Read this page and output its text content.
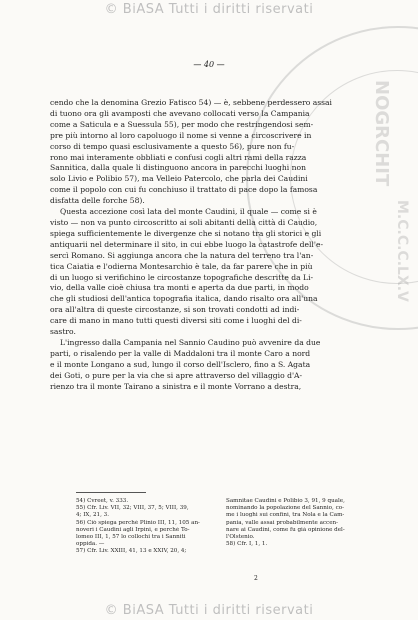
© BiASA Tutti i diritti riservati
NOGRCHIT
M.C.C.C.LX.V
— 40 —
cendo che la denomina Grezio Fatisco 54) — è, sebbene perdessero assai
di tuono ora gli avamposti che avevano collocati verso la Campania
come a Saticula e a Suessula 55), per modo che restringendosi sem-
pre più intorno al loro capoluogo il nome si venne a circoscrivere in
corso di tempo quasi esclusivamente a questo 56), pure non fu-
rono mai interamente obbliati e confusi cogli altri rami della razza
Sannitica, dalla quale li distinguono ancora in parecchi luoghi non
solo Livio e Polibio 57), ma Velleio Patercolo, che parla dei Caudini
come il popolo con cui fu conchiuso il trattato di pace dopo la famosa
disfatta delle forche 58).
Questa accezione così lata del monte Caudini, il quale — come si è
visto — non va punto circoscritto ai soli abitanti della città di Caudio,
spiega sufficientemente le divergenze che si notano tra gli storici e gli
antiquarii nel determinare il sito, in cui ebbe luogo la catastrofe dell'e-
sercì Romano. Si aggiunga ancora che la natura del terreno tra l'an-
tica Caiatia e l'odierna Montesarchio è tale, da far parere che in più
di un luogo si verifichino le circostanze topografiche descritte da Li-
vio, della valle cioè chiusa tra monti e aperta da due parti, in modo
che gli studiosi dell'antica topografia italica, dando risalto ora all'una
ora all'altra di queste circostanze, si son trovati condotti ad indi-
care di mano in mano tutti questi diversi siti come i luoghi del di-
sastro.
L'ingresso dalla Campania nel Sannio Caudino può avvenire da due
parti, o risalendo per la valle di Maddaloni tra il monte Caro a nord
e il monte Longano a sud, lungo il corso dell'Isclero, fino a S. Agata
dei Goti, o pure per la via che si apre attraverso del villaggio d'A-
rienzo tra il monte Tairano a sinistra e il monte Vorrano a destra,
54) Cvreet, v. 333.
55) Cfr. Liv. VII, 32; VIII, 37, 5; VIII, 39,
4; IX, 21, 3.
56) Ciò spiega perchè Plinio III, 11, 105 an-
noveri i Caudini agli Irpini, e perchè To-
lomeo III, 1, 57 lo collochi tra i Sanniti
oppida. —
57) Cfr. Liv. XXIII, 41, 13 e XXIV, 20, 4;
Samnitae Caudini e Polibio 3, 91, 9 quale,
nominando la popolazione del Sannio, co-
me i luoghi sui confini, tra Nola e la Cam-
pania, valle assai probabilmente accen-
nare ai Caudini, come fu già opinione del-
l'Olstenio.
58) Cfr. I, 1, 1.
2
© BiASA Tutti i diritti riservati
